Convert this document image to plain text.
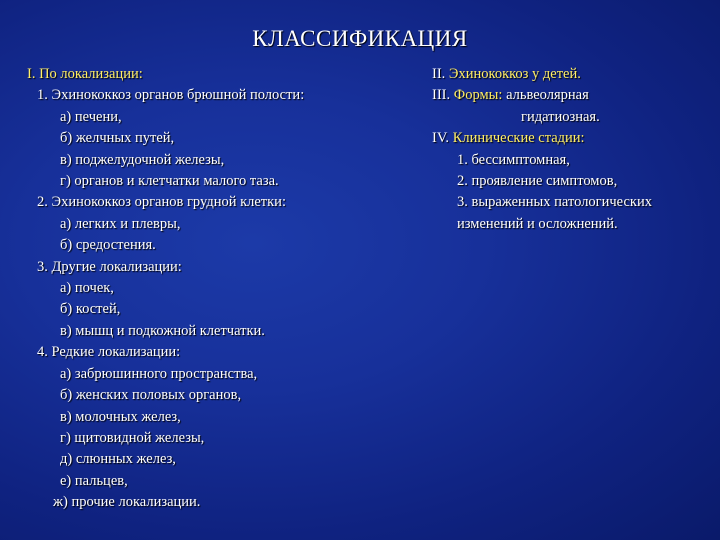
КЛАССИФИКАЦИЯ
I. По локализации:
1. Эхинококкоз органов брюшной полости:
а) печени,
б) желчных путей,
в) поджелудочной железы,
г) органов и клетчатки малого таза.
2. Эхинококкоз органов грудной клетки:
а) легких и плевры,
б) средостения.
3. Другие локализации:
а) почек,
б) костей,
в) мышц и подкожной клетчатки.
4. Редкие локализации:
а) забрюшинного пространства,
б) женских половых органов,
в) молочных желез,
г) щитовидной железы,
д) слюнных желез,
е) пальцев,
ж) прочие локализации.
II. Эхинококкоз у детей.
III. Формы: альвеолярная
гидатиозная.
IV. Клинические стадии:
1. бессимптомная,
2. проявление симптомов,
3. выраженных патологических изменений и осложнений.
